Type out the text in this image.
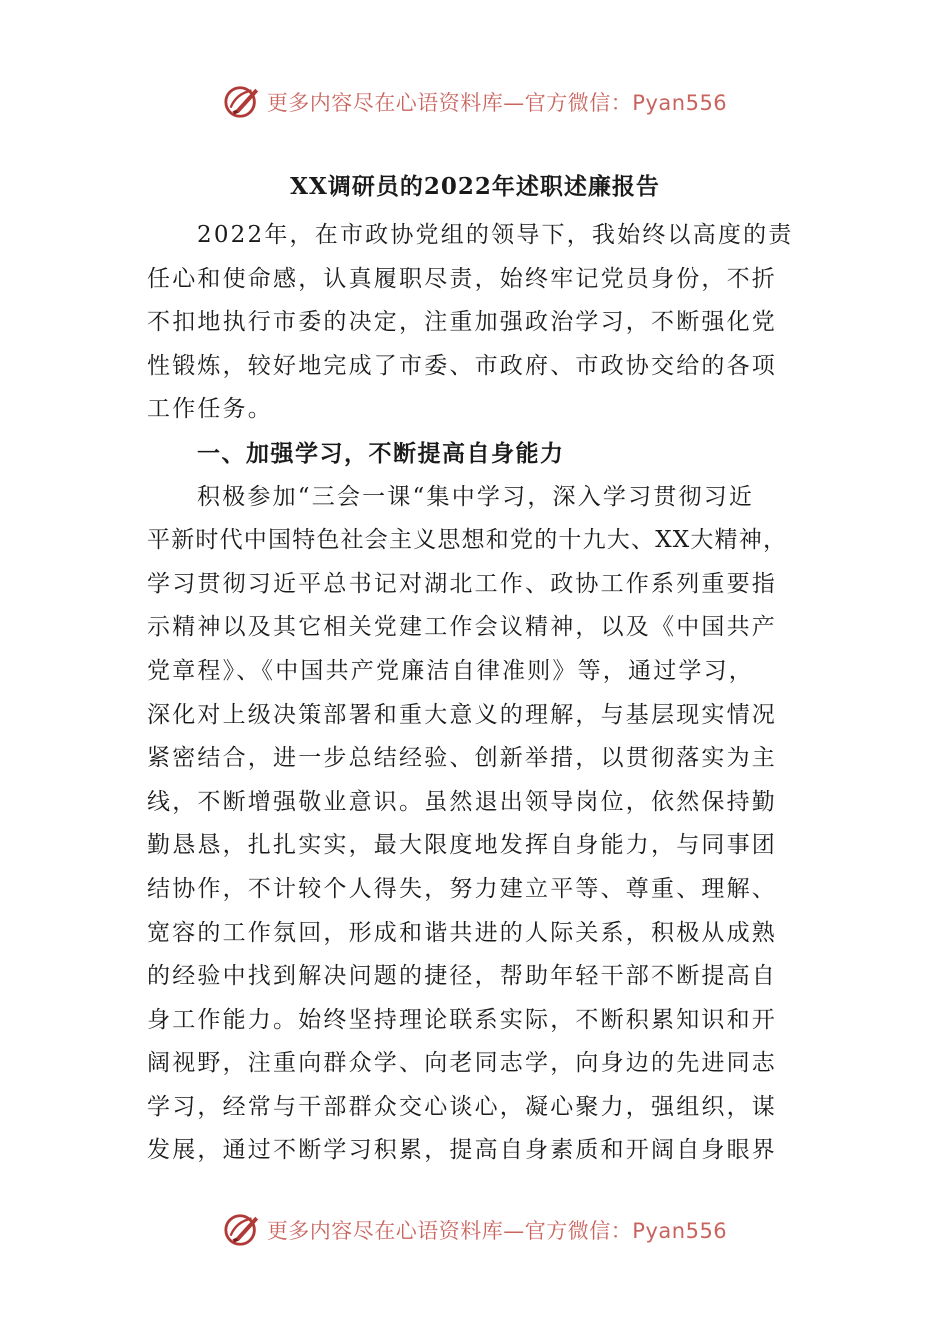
更多内容尽在心语资料库—官方微信：Pyan556
XX调研员的2022年述职述廉报告
2022年，在市政协党组的领导下，我始终以高度的责
任心和使命感，认真履职尽责，始终牢记党员身份，不折
不扣地执行市委的决定，注重加强政治学习，不断强化党
性锻炼，较好地完成了市委、市政府、市政协交给的各项
工作任务。
一、加强学习，不断提高自身能力
积极参加“三会一课“集中学习，深入学习贯彻习近
平新时代中国特色社会主义思想和党的十九大、XX大精神，
学习贯彻习近平总书记对湖北工作、政协工作系列重要指
示精神以及其它相关党建工作会议精神，以及《中国共产
党章程》、《中国共产党廉洁自律准则》等，通过学习，
深化对上级决策部署和重大意义的理解，与基层现实情况
紧密结合，进一步总结经验、创新举措，以贯彻落实为主
线，不断增强敬业意识。虽然退出领导岗位，依然保持勤
勤恳恳，扎扎实实，最大限度地发挥自身能力，与同事团
结协作，不计较个人得失，努力建立平等、尊重、理解、
宽容的工作氛回，形成和谐共进的人际关系，积极从成熟
的经验中找到解决问题的捷径，帮助年轻干部不断提高自
身工作能力。始终坚持理论联系实际，不断积累知识和开
阔视野，注重向群众学、向老同志学，向身边的先进同志
学习，经常与干部群众交心谈心，凝心聚力，强组织，谋
发展，通过不断学习积累，提高自身素质和开阔自身眼界
更多内容尽在心语资料库—官方微信：Pyan556
